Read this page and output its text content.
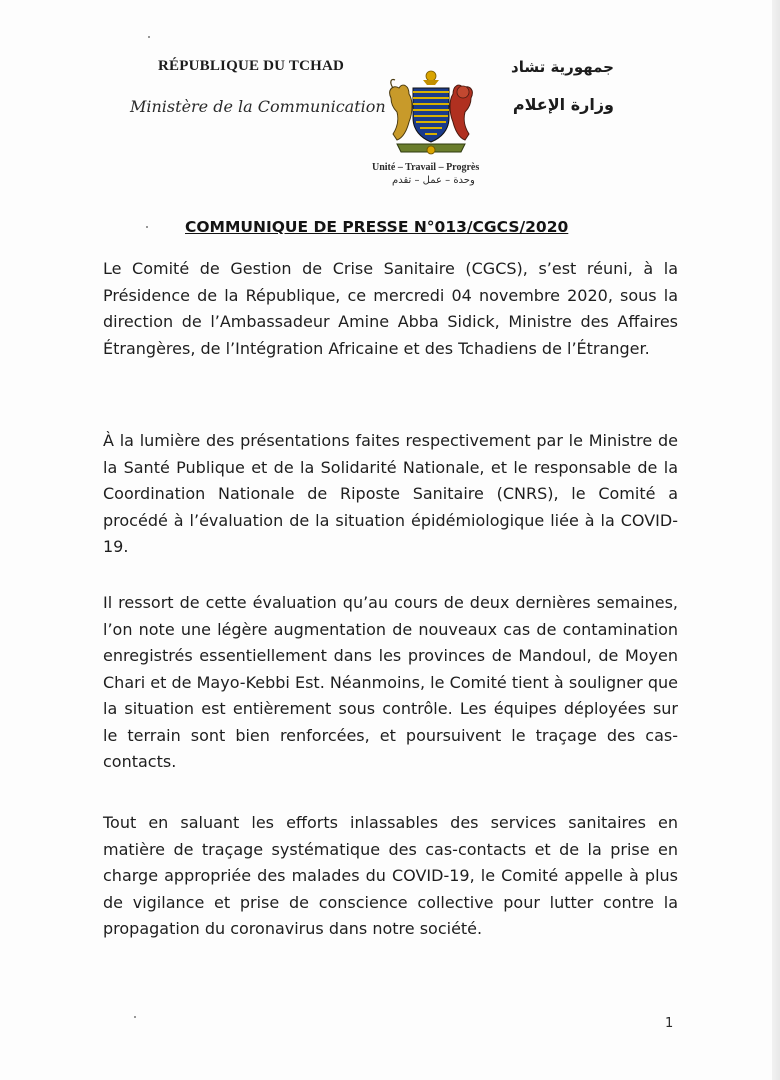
RÉPUBLIQUE DU TCHAD
Ministère de la Communication
جمهورية تشاد
وزارة الإعلام
Unité – Travail – Progrès
وحدة – عمل – تقدم
COMMUNIQUE DE PRESSE N°013/CGCS/2020
Le Comité de Gestion de Crise Sanitaire (CGCS), s’est réuni, à la Présidence de la République, ce mercredi 04 novembre 2020, sous la direction de l’Ambassadeur Amine Abba Sidick, Ministre des Affaires Étrangères, de l’Intégration Africaine et des Tchadiens de l’Étranger.
À la lumière des présentations faites respectivement par le Ministre de la Santé Publique et de la Solidarité Nationale, et le responsable de la Coordination Nationale de Riposte Sanitaire (CNRS), le Comité a procédé à l’évaluation de la situation épidémiologique liée à la COVID-19.
Il ressort de cette évaluation qu’au cours de deux dernières semaines, l’on note une légère augmentation de nouveaux cas de contamination enregistrés essentiellement dans les provinces de Mandoul, de Moyen Chari et de Mayo-Kebbi Est. Néanmoins, le Comité tient à souligner que la situation est entièrement sous contrôle. Les équipes déployées sur le terrain sont bien renforcées, et poursuivent le traçage des cas-contacts.
Tout en saluant les efforts inlassables des services sanitaires en matière de traçage systématique des cas-contacts et de la prise en charge appropriée des malades du COVID-19, le Comité appelle à plus de vigilance et prise de conscience collective pour lutter contre la propagation du coronavirus dans notre société.
1
